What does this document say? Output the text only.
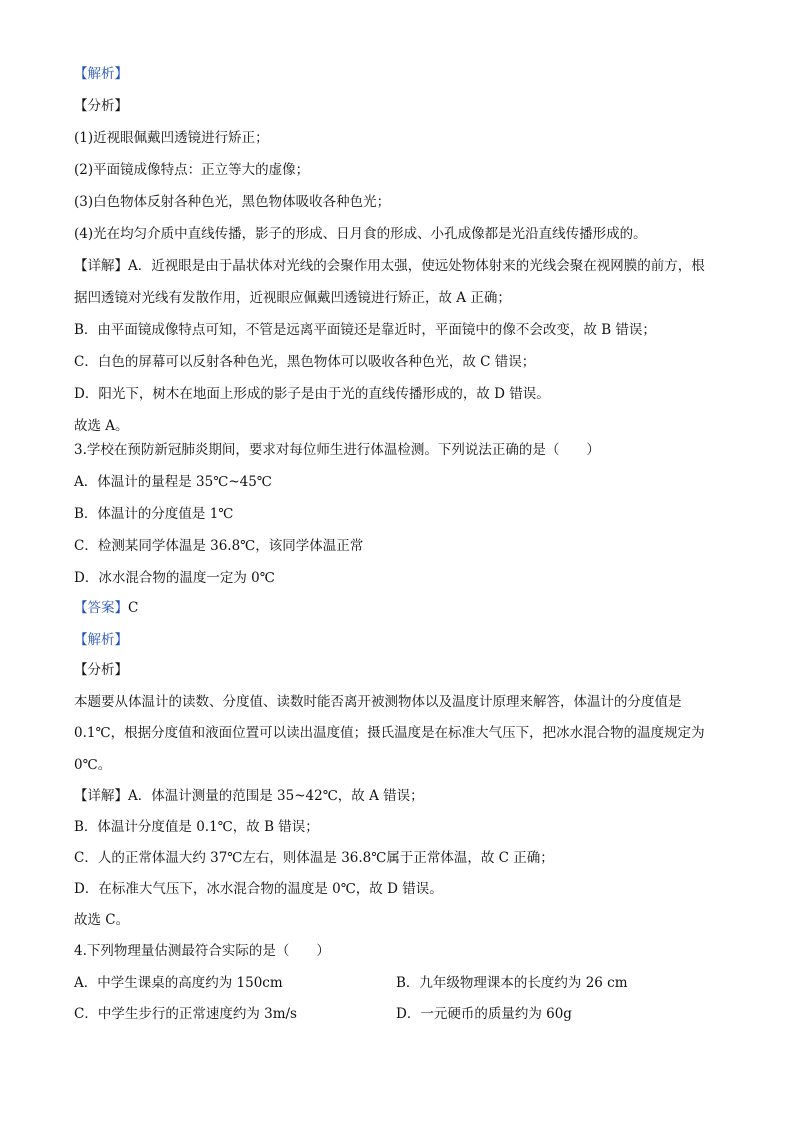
【解析】
【分析】
(1)近视眼佩戴凹透镜进行矫正；
(2)平面镜成像特点：正立等大的虚像；
(3)白色物体反射各种色光，黑色物体吸收各种色光；
(4)光在均匀介质中直线传播，影子的形成、日月食的形成、小孔成像都是光沿直线传播形成的。
【详解】A．近视眼是由于晶状体对光线的会聚作用太强，使远处物体射来的光线会聚在视网膜的前方，根
据凹透镜对光线有发散作用，近视眼应佩戴凹透镜进行矫正，故 A 正确；
B．由平面镜成像特点可知，不管是远离平面镜还是靠近时，平面镜中的像不会改变，故 B 错误；
C．白色的屏幕可以反射各种色光，黑色物体可以吸收各种色光，故 C 错误；
D．阳光下，树木在地面上形成的影子是由于光的直线传播形成的，故 D 错误。
故选 A。
3.学校在预防新冠肺炎期间，要求对每位师生进行体温检测。下列说法正确的是（　　）
A．体温计的量程是 35℃~45℃
B．体温计的分度值是 1℃
C．检测某同学体温是 36.8℃，该同学体温正常
D．冰水混合物的温度一定为 0℃
【答案】C
【解析】
【分析】
本题要从体温计的读数、分度值、读数时能否离开被测物体以及温度计原理来解答，体温计的分度值是
0.1℃，根据分度值和液面位置可以读出温度值；摄氏温度是在标准大气压下，把冰水混合物的温度规定为
0℃。
【详解】A．体温计测量的范围是 35~42℃，故 A 错误；
B．体温计分度值是 0.1℃，故 B 错误；
C．人的正常体温大约 37℃左右，则体温是 36.8℃属于正常体温，故 C 正确；
D．在标准大气压下，冰水混合物的温度是 0℃，故 D 错误。
故选 C。
4.下列物理量估测最符合实际的是（　　）
A．中学生课桌的高度约为 150cm	B．九年级物理课本的长度约为 26 cm
C．中学生步行的正常速度约为 3m/s	D．一元硬币的质量约为 60g
